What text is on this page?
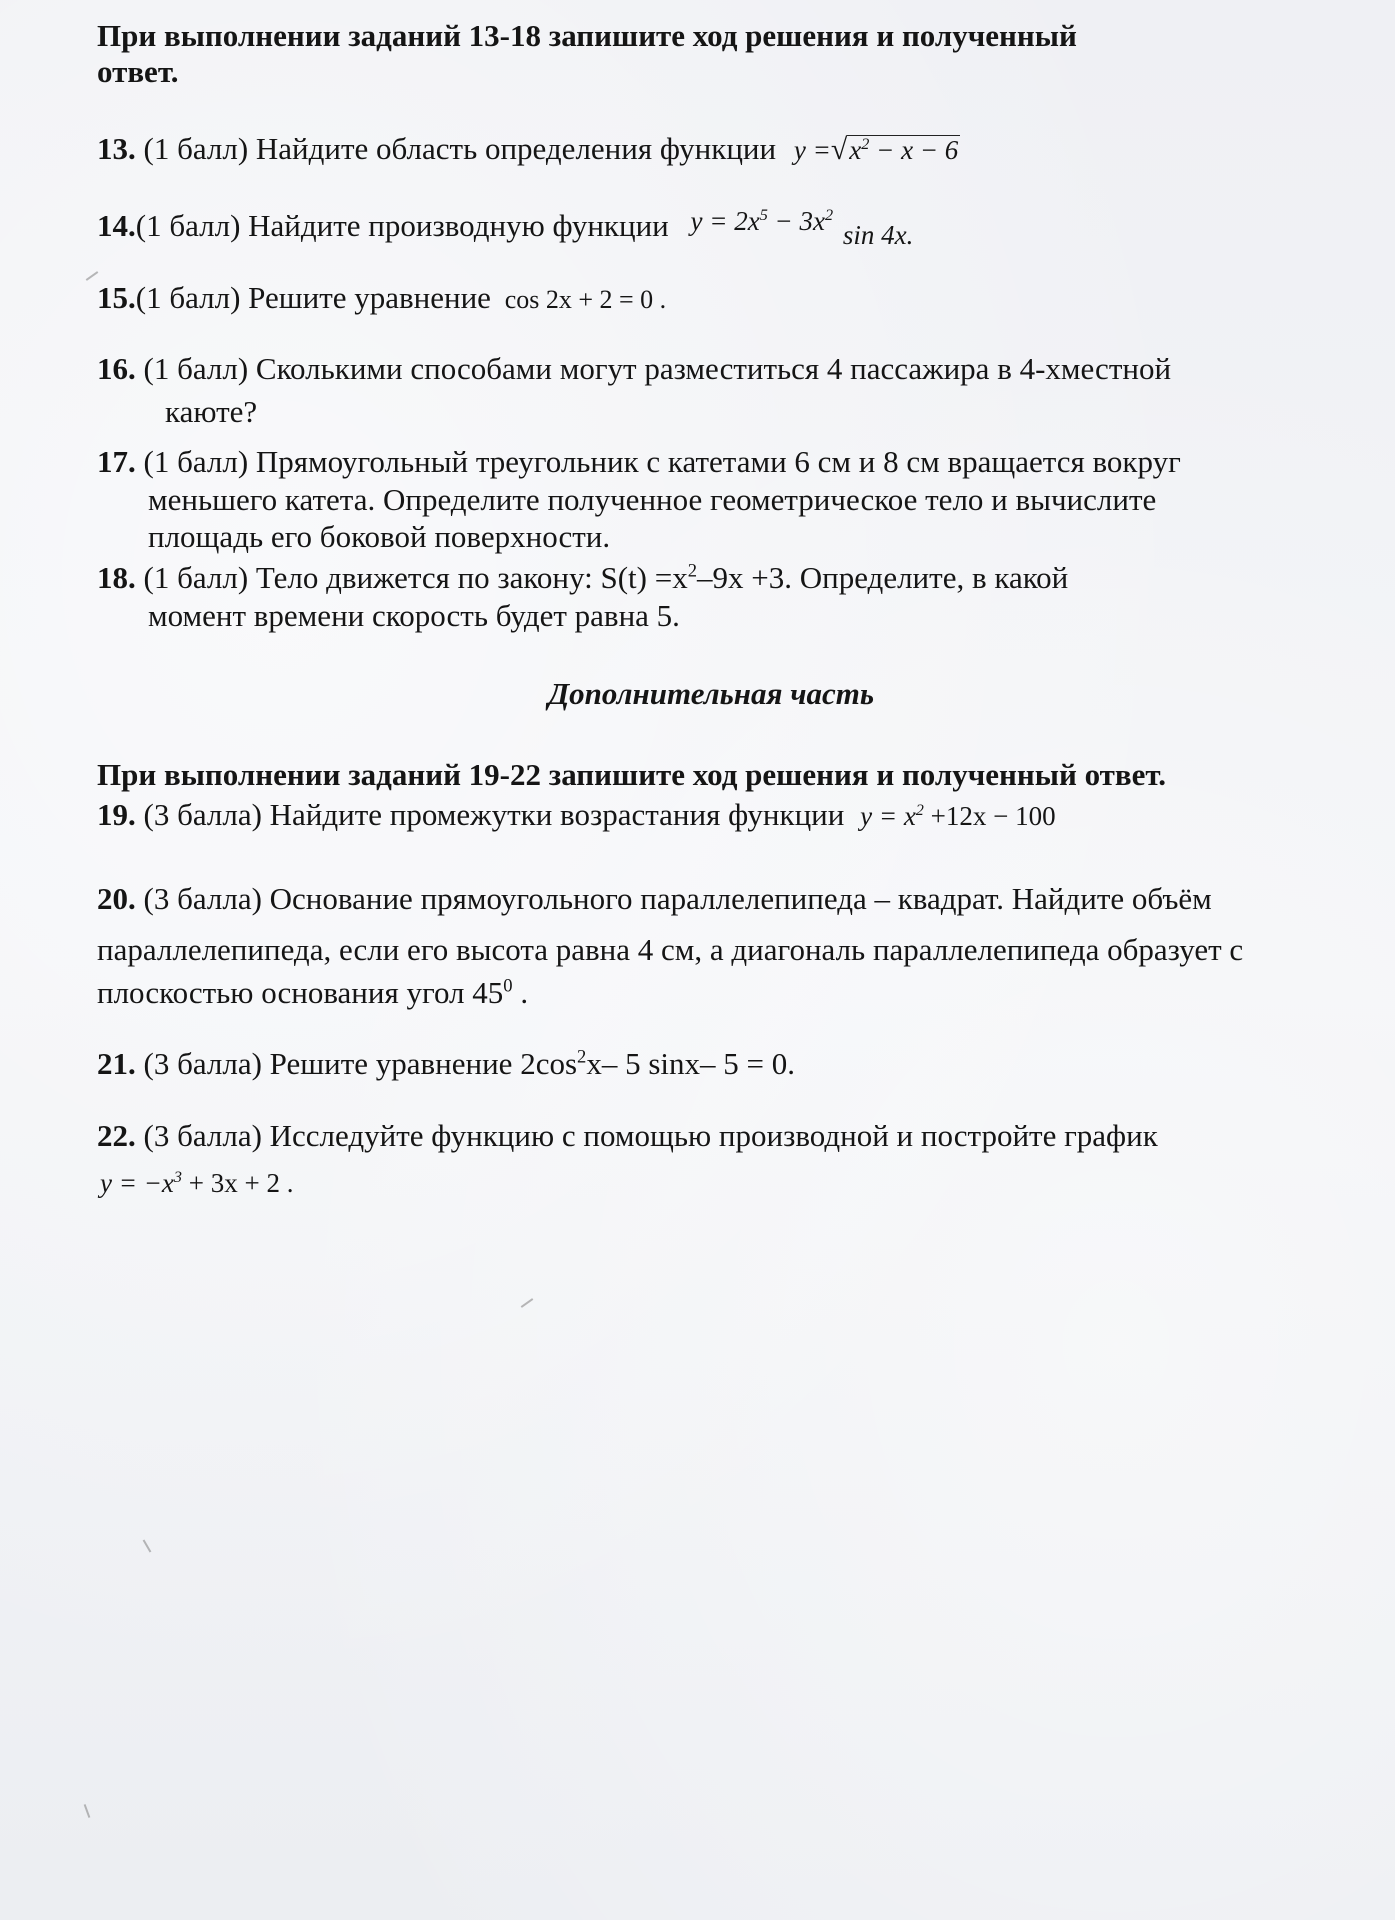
При выполнении заданий 13-18 запишите ход решения и полученный
ответ.
13. (1 балл) Найдите область определения функции $y =√x^2 - x - 6$
14.(1 балл) Найдите производную функции $y = 2x^5 - 3x^2$ sin 4x.
15.(1 балл) Решите уравнение cos 2x + 2 = 0 .
16. (1 балл) Сколькими способами могут разместиться 4 пассажира в 4-хместной
каюте?
17. (1 балл) Прямоугольный треугольник с катетами 6 см и 8 см вращается вокруг
меньшего катета. Определите полученное геометрическое тело и вычислите
площадь его боковой поверхности.
18. (1 балл) Тело движется по закону: $S(t) =x^2-9x +3$. Определите, в какой
момент времени скорость будет равна 5.
Дополнительная часть
При выполнении заданий 19-22 запишите ход решения и полученный ответ.
19. (3 балла) Найдите промежутки возрастания функции $y = x^2 +12x - 100$
20. (3 балла) Основание прямоугольного параллелепипеда – квадрат. Найдите объём
параллелепипеда, если его высота равна 4 см, а диагональ параллелепипеда образует с
плоскостью основания угол $45^0$ .
21. (3 балла) Решите уравнение $2\cos^2x-$ 5 sinx– 5 = 0.
22. (3 балла) Исследуйте функцию с помощью производной и постройте график
$y = -x^3 + 3x + 2$ .
